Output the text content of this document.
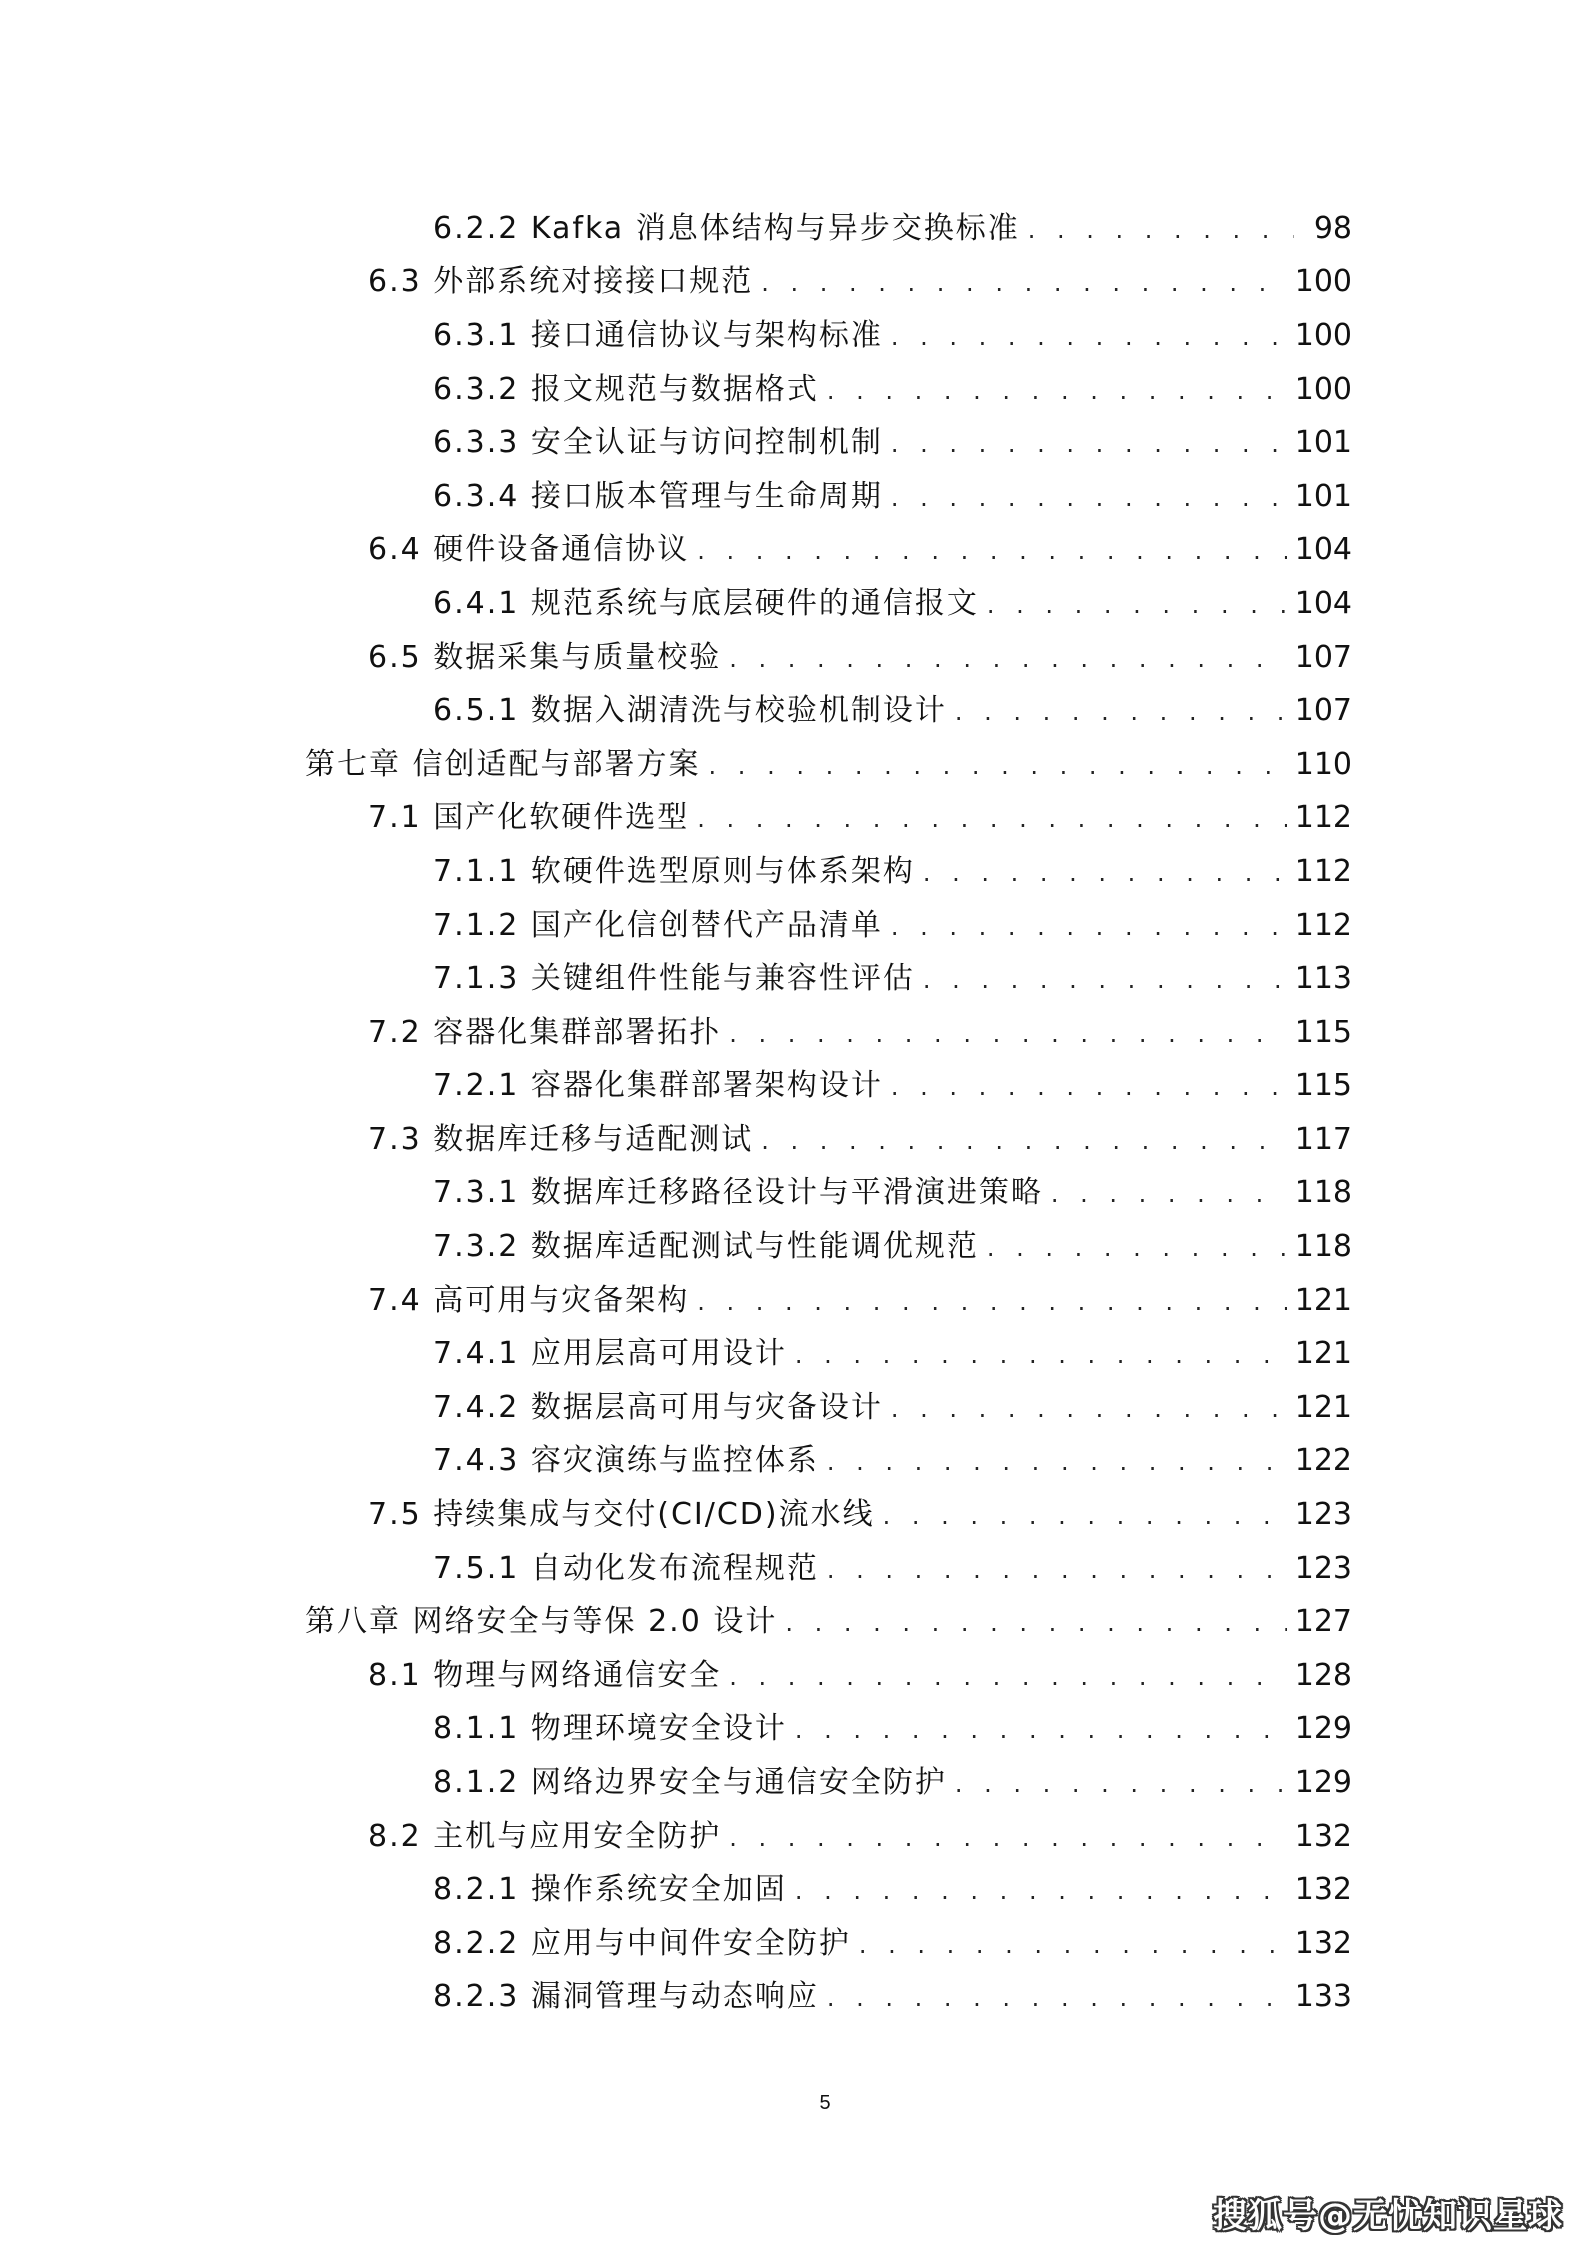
6.2.2 Kafka 消息体结构与异步交换标准 . . .	98
6.3 外部系统对接接口规范 . . .	100
6.3.1 接口通信协议与架构标准 . . .	100
6.3.2 报文规范与数据格式 . . .	100
6.3.3 安全认证与访问控制机制 . . .	101
6.3.4 接口版本管理与生命周期 . . .	101
6.4 硬件设备通信协议 . . .	104
6.4.1 规范系统与底层硬件的通信报文 . . .	104
6.5 数据采集与质量校验 . . .	107
6.5.1 数据入湖清洗与校验机制设计 . . .	107
第七章 信创适配与部署方案 . . .	110
7.1 国产化软硬件选型 . . .	112
7.1.1 软硬件选型原则与体系架构 . . .	112
7.1.2 国产化信创替代产品清单 . . .	112
7.1.3 关键组件性能与兼容性评估 . . .	113
7.2 容器化集群部署拓扑 . . .	115
7.2.1 容器化集群部署架构设计 . . .	115
7.3 数据库迁移与适配测试 . . .	117
7.3.1 数据库迁移路径设计与平滑演进策略 . . .	118
7.3.2 数据库适配测试与性能调优规范 . . .	118
7.4 高可用与灾备架构 . . .	121
7.4.1 应用层高可用设计 . . .	121
7.4.2 数据层高可用与灾备设计 . . .	121
7.4.3 容灾演练与监控体系 . . .	122
7.5 持续集成与交付(CI/CD)流水线 . . .	123
7.5.1 自动化发布流程规范 . . .	123
第八章 网络安全与等保 2.0 设计 . . .	127
8.1 物理与网络通信安全 . . .	128
8.1.1 物理环境安全设计 . . .	129
8.1.2 网络边界安全与通信安全防护 . . .	129
8.2 主机与应用安全防护 . . .	132
8.2.1 操作系统安全加固 . . .	132
8.2.2 应用与中间件安全防护 . . .	132
8.2.3 漏洞管理与动态响应 . . .	133
5
搜狐号@无忧知识星球
